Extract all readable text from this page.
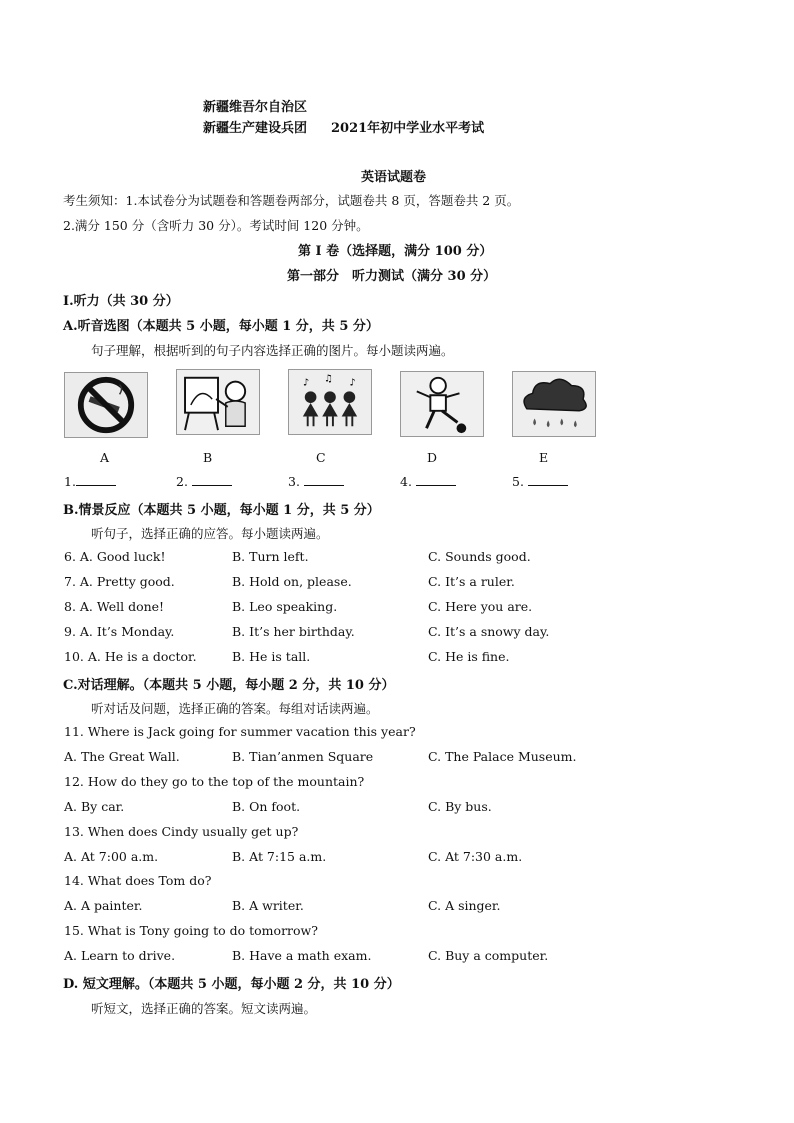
新疆维吾尔自治区
新疆生产建设兵团 2021年初中学业水平考试
英语试题卷
考生须知：1.本试卷分为试题卷和答题卷两部分，试题卷共 8 页，答题卷共 2 页。
2.满分 150 分（含听力 30 分）。考试时间 120 分钟。
第 I 卷（选择题，满分 100 分）
第一部分　听力测试（满分 30 分）
Ⅰ.听力（共 30 分）
A.听音选图（本题共 5 小题，每小题 1 分，共 5 分）
句子理解，根据听到的句子内容选择正确的图片。每小题读两遍。
♪ ♫ ♪
A	B	C	D	E
1.	2.	3.	4.	5.
B.情景反应（本题共 5 小题，每小题 1 分，共 5 分）
听句子，选择正确的应答。每小题读两遍。
6. A. Good luck!	B. Turn left.	C. Sounds good.
7. A. Pretty good.	B. Hold on, please.	C. It’s a ruler.
8. A. Well done!	B. Leo speaking.	C. Here you are.
9. A. It’s Monday.	B. It’s her birthday.	C. It’s a snowy day.
10. A. He is a doctor.	B. He is tall.	C. He is fine.
C.对话理解。（本题共 5 小题，每小题 2 分，共 10 分）
听对话及问题，选择正确的答案。每组对话读两遍。
11. Where is Jack going for summer vacation this year?
A. The Great Wall.	B. Tian’anmen Square	C. The Palace Museum.
12. How do they go to the top of the mountain?
A. By car.	B. On foot.	C. By bus.
13. When does Cindy usually get up?
A. At 7:00 a.m.	B. At 7:15 a.m.	C. At 7:30 a.m.
14. What does Tom do?
A. A painter.	B. A writer.	C. A singer.
15. What is Tony going to do tomorrow?
A. Learn to drive.	B. Have a math exam.	C. Buy a computer.
D. 短文理解。（本题共 5 小题，每小题 2 分，共 10 分）
听短文，选择正确的答案。短文读两遍。
